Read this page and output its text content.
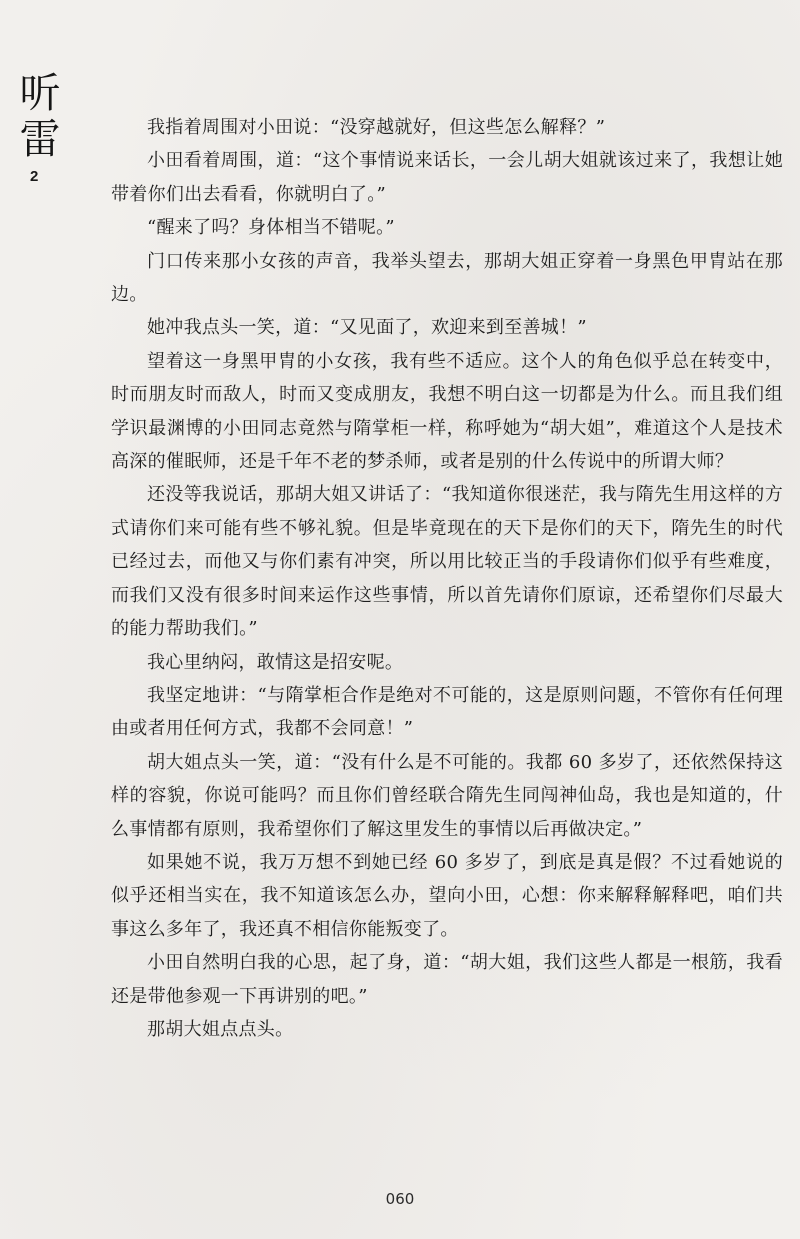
听
雷
2

我指着周围对小田说：“没穿越就好，但这些怎么解释？”

小田看着周围，道：“这个事情说来话长，一会儿胡大姐就该过来了，我想让她带着你们出去看看，你就明白了。”

“醒来了吗？身体相当不错呢。”

门口传来那小女孩的声音，我举头望去，那胡大姐正穿着一身黑色甲胄站在那边。

她冲我点头一笑，道：“又见面了，欢迎来到至善城！”

望着这一身黑甲胄的小女孩，我有些不适应。这个人的角色似乎总在转变中，时而朋友时而敌人，时而又变成朋友，我想不明白这一切都是为什么。而且我们组学识最渊博的小田同志竟然与隋掌柜一样，称呼她为“胡大姐”，难道这个人是技术高深的催眠师，还是千年不老的梦杀师，或者是别的什么传说中的所谓大师？

还没等我说话，那胡大姐又讲话了：“我知道你很迷茫，我与隋先生用这样的方式请你们来可能有些不够礼貌。但是毕竟现在的天下是你们的天下，隋先生的时代已经过去，而他又与你们素有冲突，所以用比较正当的手段请你们似乎有些难度，而我们又没有很多时间来运作这些事情，所以首先请你们原谅，还希望你们尽最大的能力帮助我们。”

我心里纳闷，敢情这是招安呢。

我坚定地讲：“与隋掌柜合作是绝对不可能的，这是原则问题，不管你有任何理由或者用任何方式，我都不会同意！”

胡大姐点头一笑，道：“没有什么是不可能的。我都 60 多岁了，还依然保持这样的容貌，你说可能吗？而且你们曾经联合隋先生同闯神仙岛，我也是知道的，什么事情都有原则，我希望你们了解这里发生的事情以后再做决定。”

如果她不说，我万万想不到她已经 60 多岁了，到底是真是假？不过看她说的似乎还相当实在，我不知道该怎么办，望向小田，心想：你来解释解释吧，咱们共事这么多年了，我还真不相信你能叛变了。

小田自然明白我的心思，起了身，道：“胡大姐，我们这些人都是一根筋，我看还是带他参观一下再讲别的吧。”

那胡大姐点点头。

060
